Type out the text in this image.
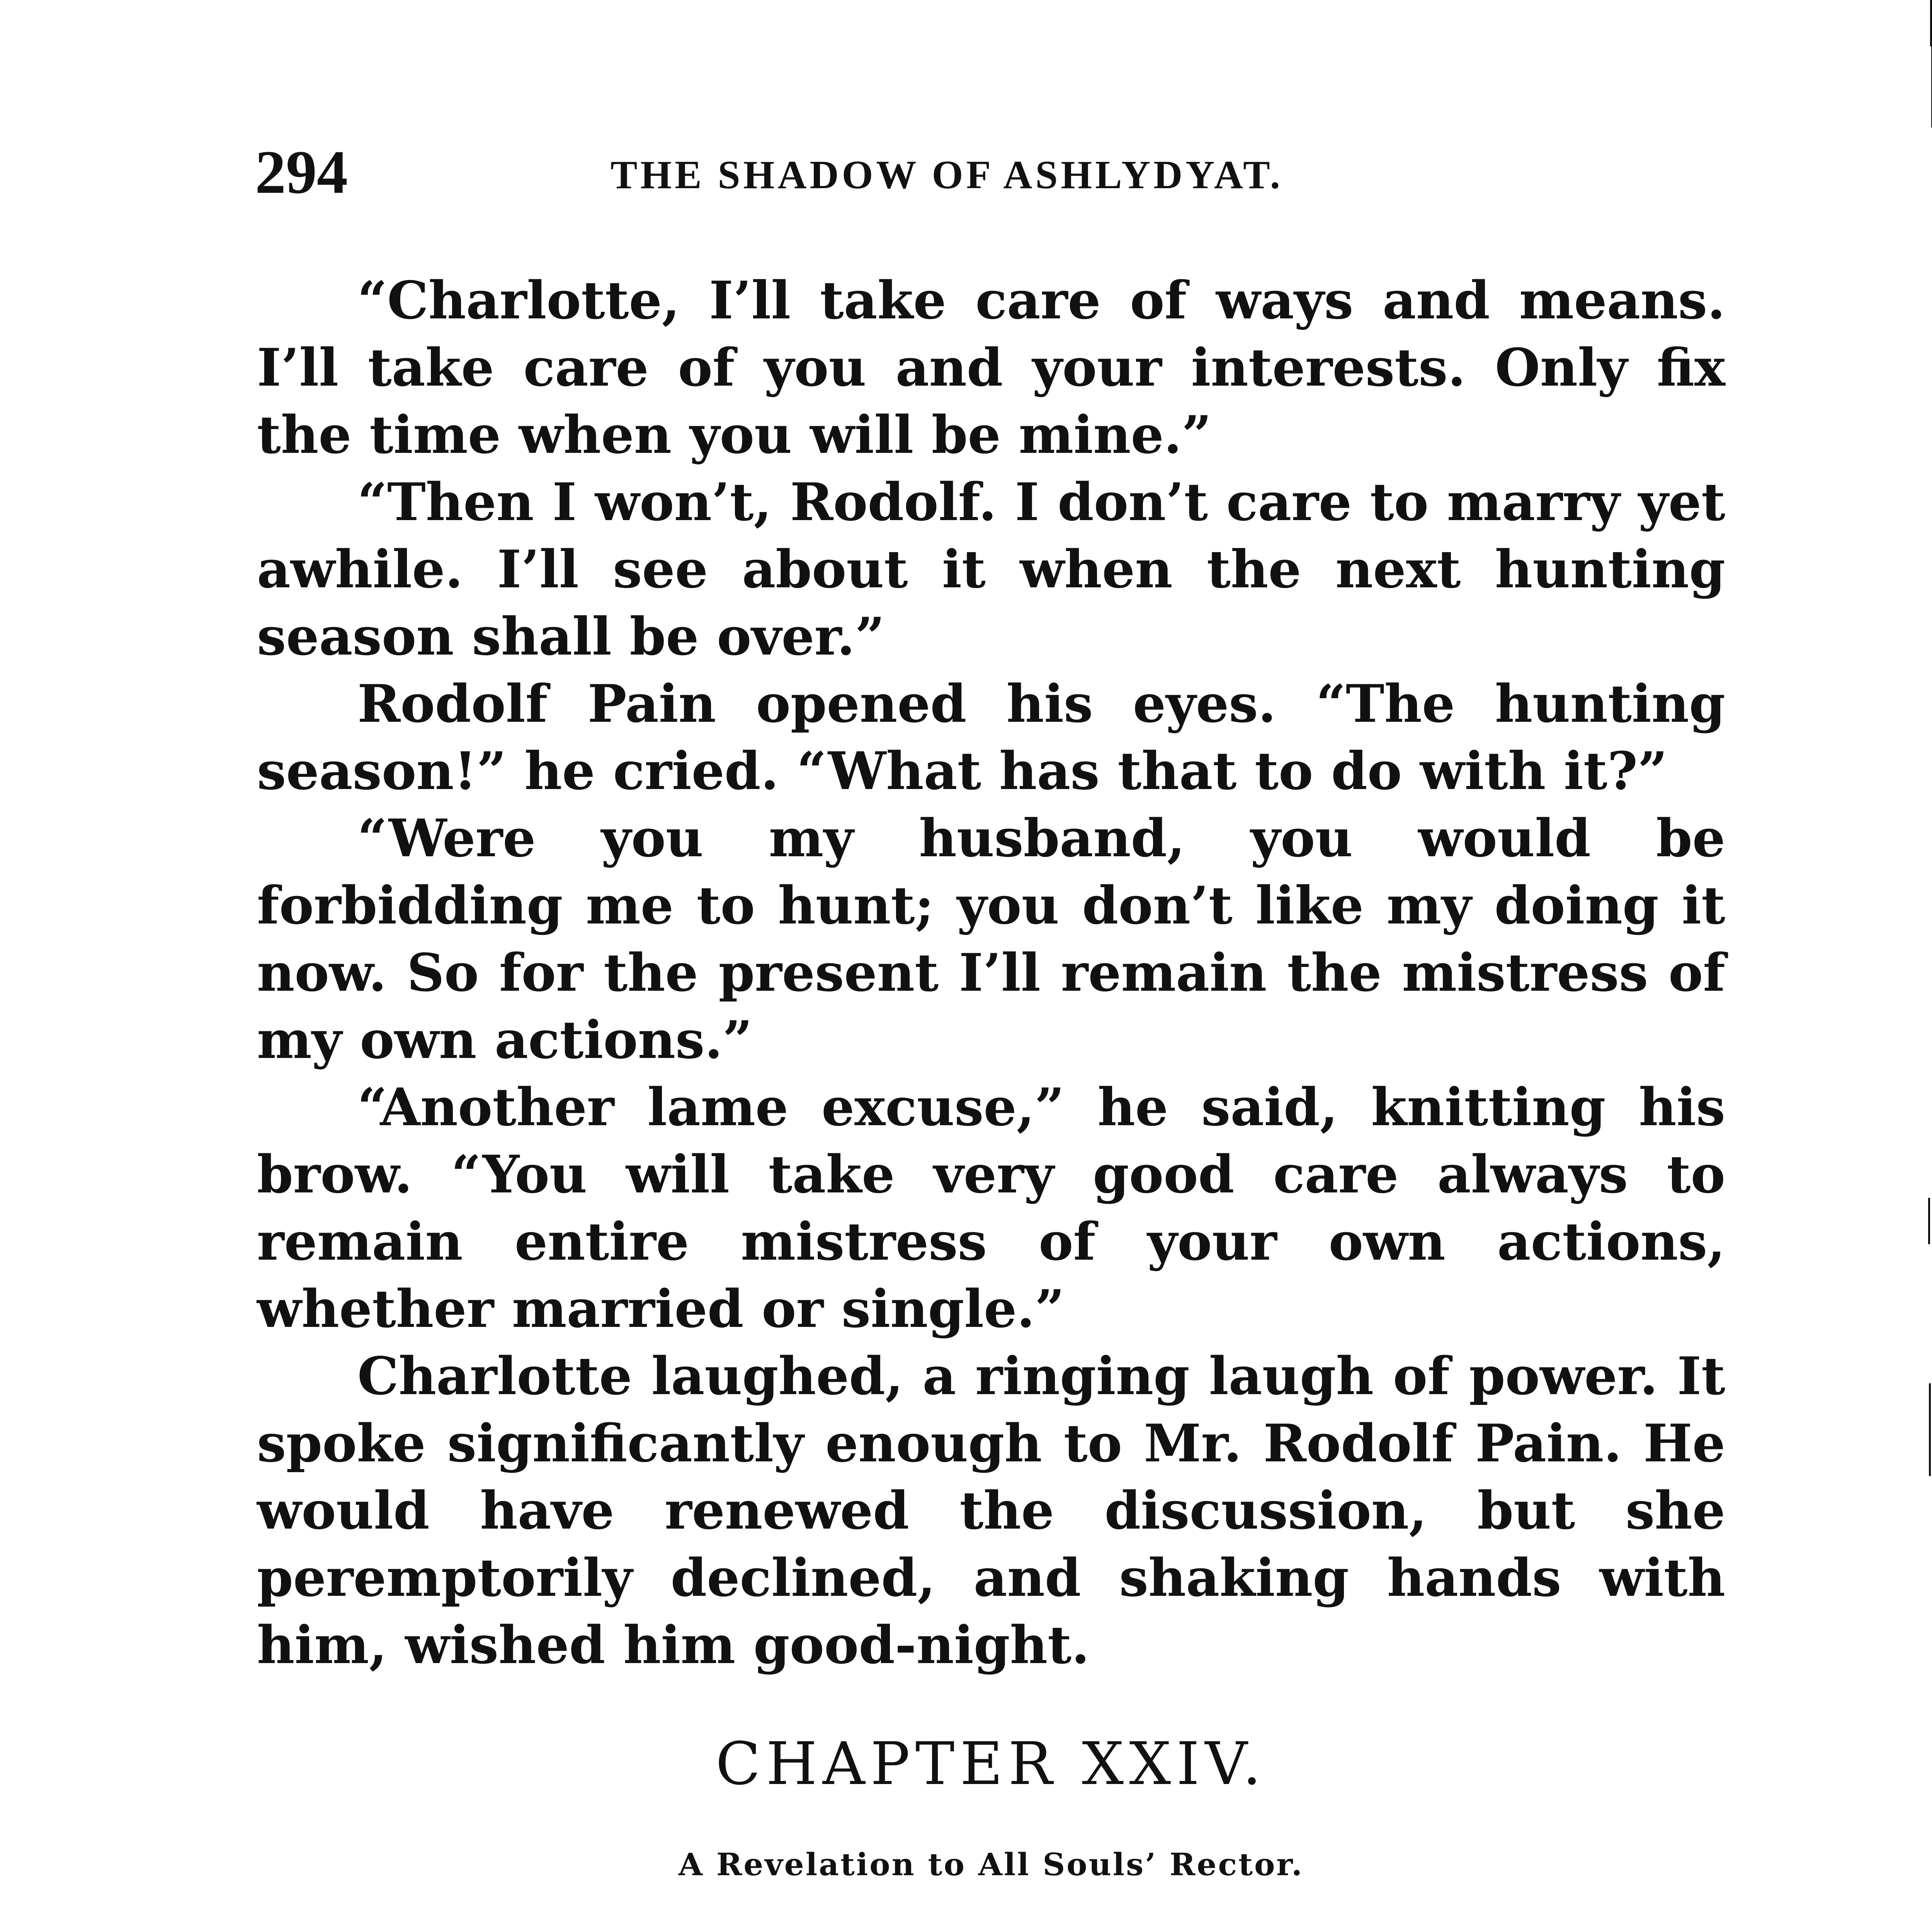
294	THE SHADOW OF ASHLYDYAT.

“Charlotte, I’ll take care of ways and means. I’ll take care of you and your interests. Only fix the time when you will be mine.”

“Then I won’t, Rodolf. I don’t care to marry yet awhile. I’ll see about it when the next hunting season shall be over.”

Rodolf Pain opened his eyes. “The hunting season!” he cried. “What has that to do with it?”

“Were you my husband, you would be forbidding me to hunt; you don’t like my doing it now. So for the present I’ll remain the mistress of my own actions.”

“Another lame excuse,” he said, knitting his brow. “You will take very good care always to remain entire mistress of your own actions, whether married or single.”

Charlotte laughed, a ringing laugh of power. It spoke significantly enough to Mr. Rodolf Pain. He would have renewed the discussion, but she peremptorily declined, and shaking hands with him, wished him good-night.

CHAPTER XXIV.
A Revelation to All Souls’ Rector.
